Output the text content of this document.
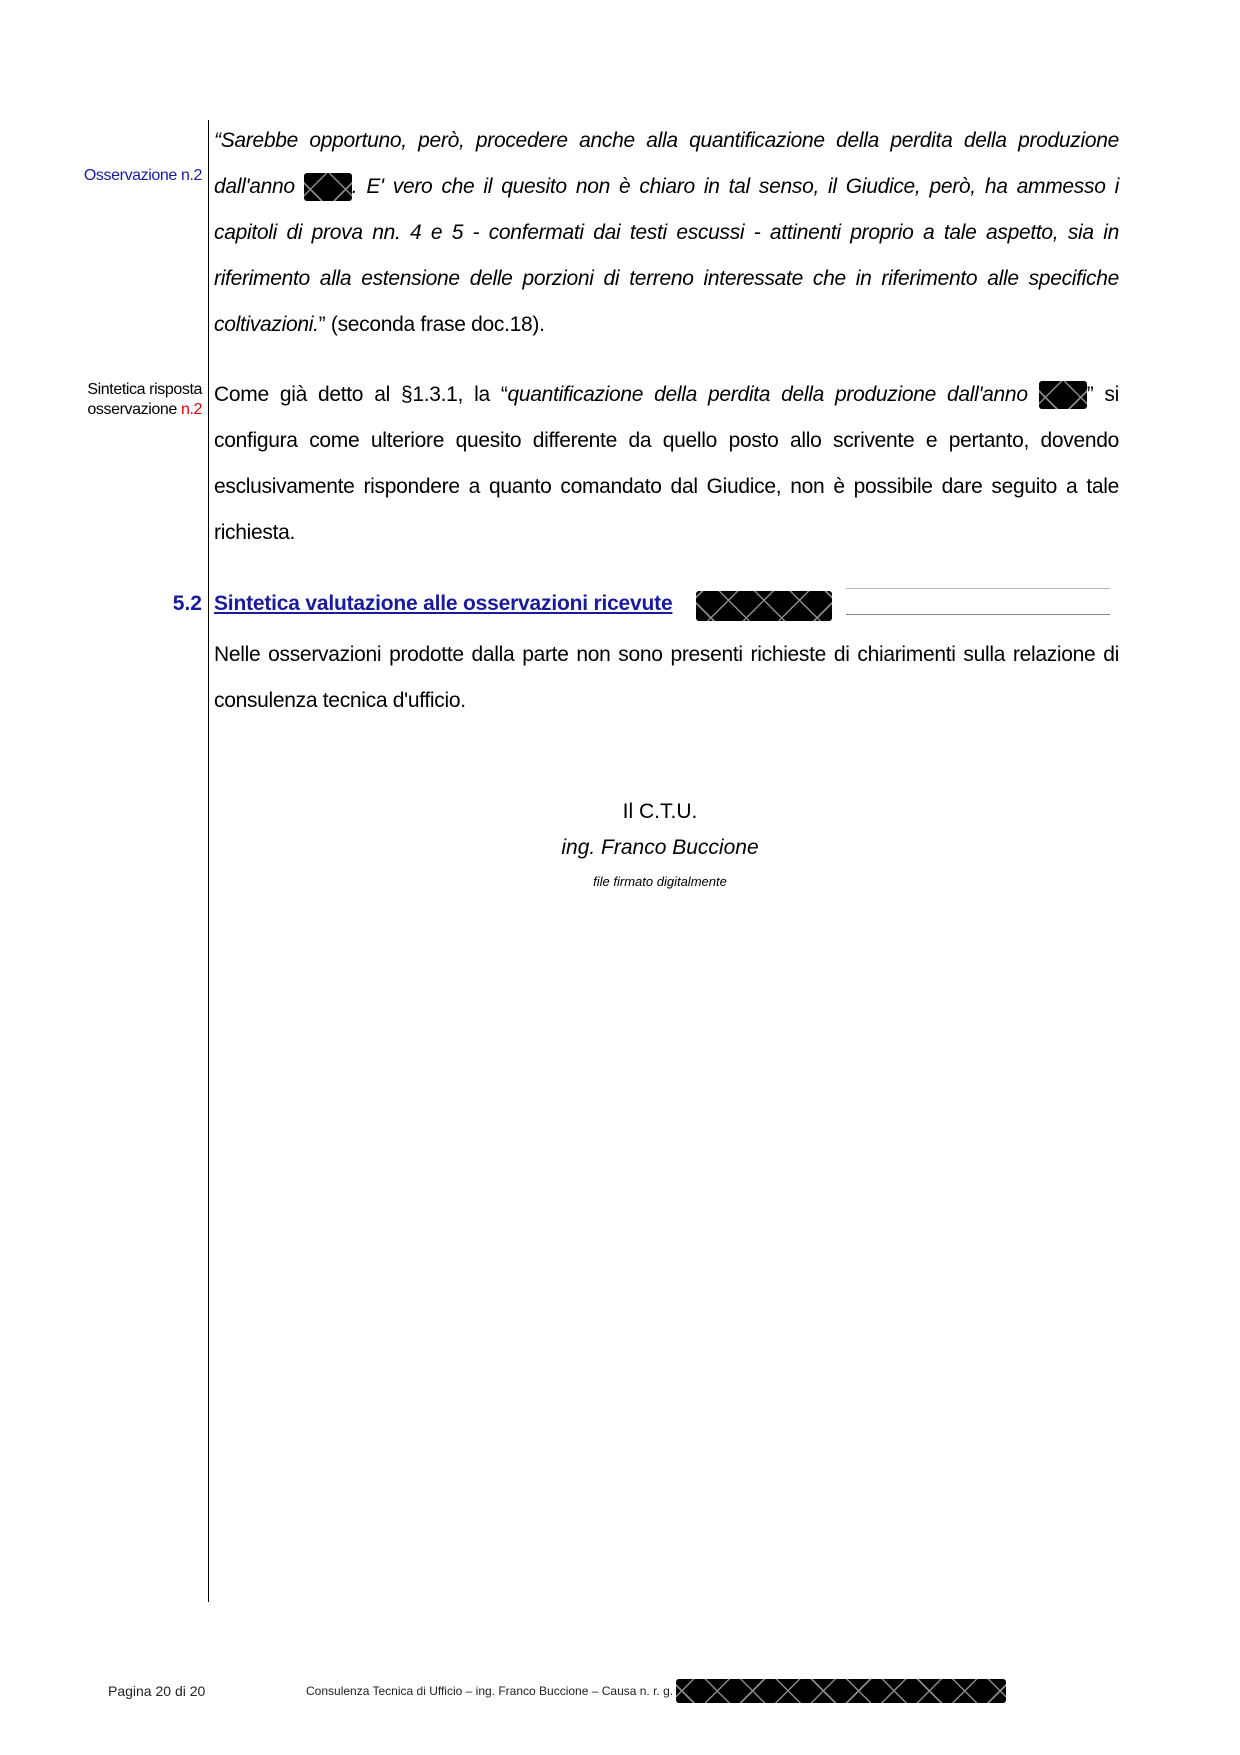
Osservazione n.2
Sintetica risposta
osservazione n.2
“Sarebbe opportuno, però, procedere anche alla quantificazione della perdita della produzione dall'anno . E' vero che il quesito non è chiaro in tal senso, il Giudice, però, ha ammesso i capitoli di prova nn. 4 e 5 - confermati dai testi escussi - attinenti proprio a tale aspetto, sia in riferimento alla estensione delle porzioni di terreno interessate che in riferimento alle specifiche coltivazioni.” (seconda frase doc.18).
Come già detto al §1.3.1, la “quantificazione della perdita della produzione dall'anno ” si configura come ulteriore quesito differente da quello posto allo scrivente e pertanto, dovendo esclusivamente rispondere a quanto comandato dal Giudice, non è possibile dare seguito a tale richiesta.
5.2 Sintetica valutazione alle osservazioni ricevute
Nelle osservazioni prodotte dalla parte non sono presenti richieste di chiarimenti sulla relazione di consulenza tecnica d'ufficio.
Il C.T.U.
ing. Franco Buccione
file firmato digitalmente
Pagina 20 di 20	Consulenza Tecnica di Ufficio – ing. Franco Buccione – Causa n. r. g.
